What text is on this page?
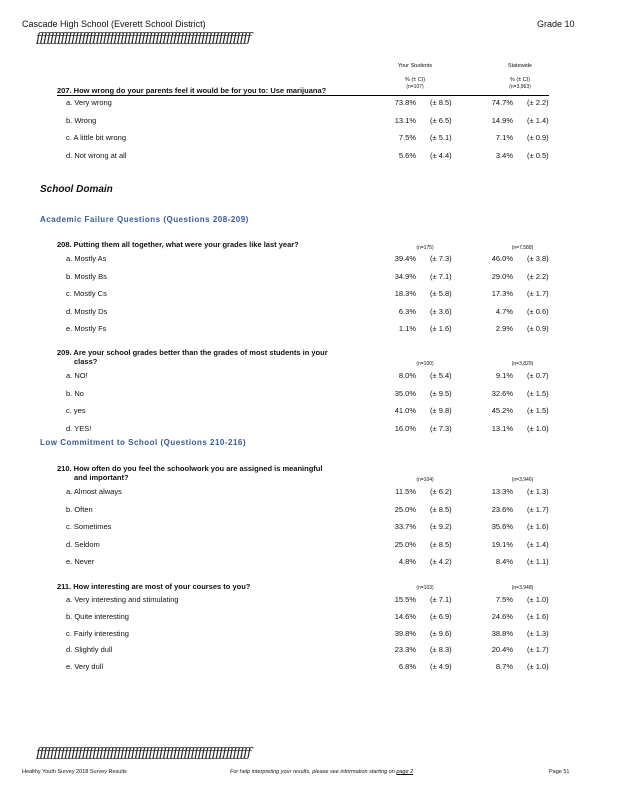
Cascade High School (Everett School District)	Grade 10
ƒƒƒƒƒƒƒƒƒƒƒƒƒƒƒƒƒƒƒƒƒƒƒƒƒƒƒƒƒƒƒƒƒƒƒƒƒƒƒƒƒƒƒƒƒƒƒƒƒƒƒƒƒƒƒƒƒƒƒƒƒ
Your Students	Statewide
% (± CI)	% (± CI)
(n=107)	(n=3,963)
207. How wrong do your parents feel it would be for you to: Use marijuana?
a. Very wrong	73.8% (± 8.5)	74.7% (± 2.2)
b. Wrong	13.1% (± 6.5)	14.9% (± 1.4)
c. A little bit wrong	7.5% (± 5.1)	7.1% (± 0.9)
d. Not wrong at all	5.6% (± 4.4)	3.4% (± 0.5)
School Domain
Academic Failure Questions (Questions 208-209)
208. Putting them all together, what were your grades like last year?	(n=175)	(n=7,588)
a. Mostly As	39.4% (± 7.3)	46.0% (± 3.8)
b. Mostly Bs	34.9% (± 7.1)	29.0% (± 2.2)
c. Mostly Cs	18.3% (± 5.8)	17.3% (± 1.7)
d. Mostly Ds	6.3% (± 3.6)	4.7% (± 0.6)
e. Mostly Fs	1.1% (± 1.6)	2.9% (± 0.9)
209. Are your school grades better than the grades of most students in your
class?	(n=100)	(n=3,829)
a. NO!	8.0% (± 5.4)	9.1% (± 0.7)
b. No	35.0% (± 9.5)	32.6% (± 1.5)
c. yes	41.0% (± 9.8)	45.2% (± 1.5)
d. YES!	16.0% (± 7.3)	13.1% (± 1.0)
Low Commitment to School (Questions 210-216)
210. How often do you feel the schoolwork you are assigned is meaningful
and important?	(n=104)	(n=3,946)
a. Almost always	11.5% (± 6.2)	13.3% (± 1.3)
b. Often	25.0% (± 8.5)	23.6% (± 1.7)
c. Sometimes	33.7% (± 9.2)	35.6% (± 1.6)
d. Seldom	25.0% (± 8.5)	19.1% (± 1.4)
e. Never	4.8% (± 4.2)	8.4% (± 1.1)
211. How interesting are most of your courses to you?	(n=103)	(n=3,948)
a. Very interesting and stimulating	15.5% (± 7.1)	7.5% (± 1.0)
b. Quite interesting	14.6% (± 6.9)	24.6% (± 1.6)
c. Fairly interesting	39.8% (± 9.6)	38.8% (± 1.3)
d. Slightly dull	23.3% (± 8.3)	20.4% (± 1.7)
e. Very dull	6.8% (± 4.9)	8.7% (± 1.0)
ƒƒƒƒƒƒƒƒƒƒƒƒƒƒƒƒƒƒƒƒƒƒƒƒƒƒƒƒƒƒƒƒƒƒƒƒƒƒƒƒƒƒƒƒƒƒƒƒƒƒƒƒƒƒƒƒƒƒƒƒƒ
Healthy Youth Survey 2018 Survey Results	For help interpreting your results, please see information starting on page 2	Page 51
